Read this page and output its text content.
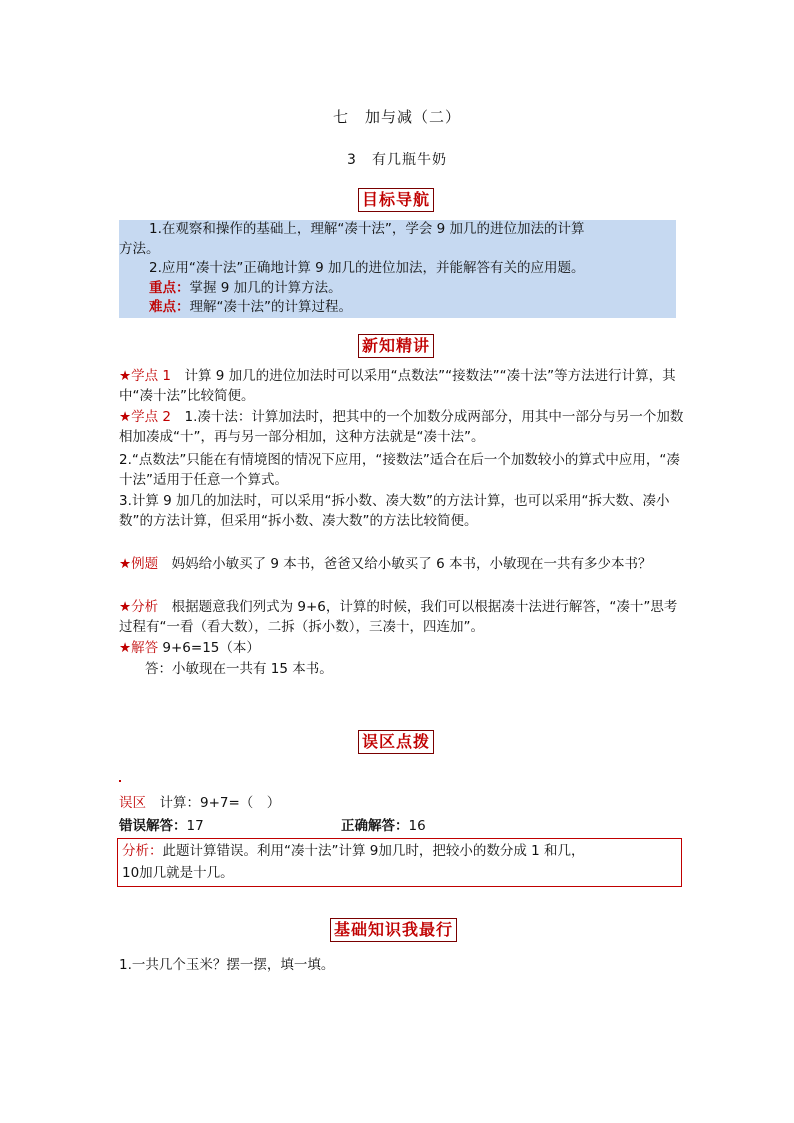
七　加与减（二）
3　有几瓶牛奶
目标导航

1.在观察和操作的基础上，理解“凑十法”，学会 9 加几的进位加法的计算

方法。

2.应用“凑十法”正确地计算 9 加几的进位加法，并能解答有关的应用题。

重点：掌握 9 加几的计算方法。

难点：理解“凑十法”的计算过程。

新知精讲

★学点 1　计算 9 加几的进位加法时可以采用“点数法”“接数法”“凑十法”等方法进行计算，其中“凑十法”比较简便。

★学点 2　1.凑十法：计算加法时，把其中的一个加数分成两部分，用其中一部分与另一个加数相加凑成“十”，再与另一部分相加，这种方法就是“凑十法”。

2.“点数法”只能在有情境图的情况下应用，“接数法”适合在后一个加数较小的算式中应用，“凑十法”适用于任意一个算式。

3.计算 9 加几的加法时，可以采用“拆小数、凑大数”的方法计算，也可以采用“拆大数、凑小数”的方法计算，但采用“拆小数、凑大数”的方法比较简便。

★例题　妈妈给小敏买了 9 本书，爸爸又给小敏买了 6 本书，小敏现在一共有多少本书？

★分析　根据题意我们列式为 9+6，计算的时候，我们可以根据凑十法进行解答，“凑十”思考过程有“一看（看大数），二拆（拆小数），三凑十，四连加”。

★解答 9+6=15（本）

答：小敏现在一共有 15 本书。

误区点拨

误区　计算：9+7=（　）

错误解答：17	正确解答：16

分析：此题计算错误。利用“凑十法”计算 9加几时，把较小的数分成 1 和几，

10加几就是十几。

基础知识我最行

1.一共几个玉米？摆一摆，填一填。
